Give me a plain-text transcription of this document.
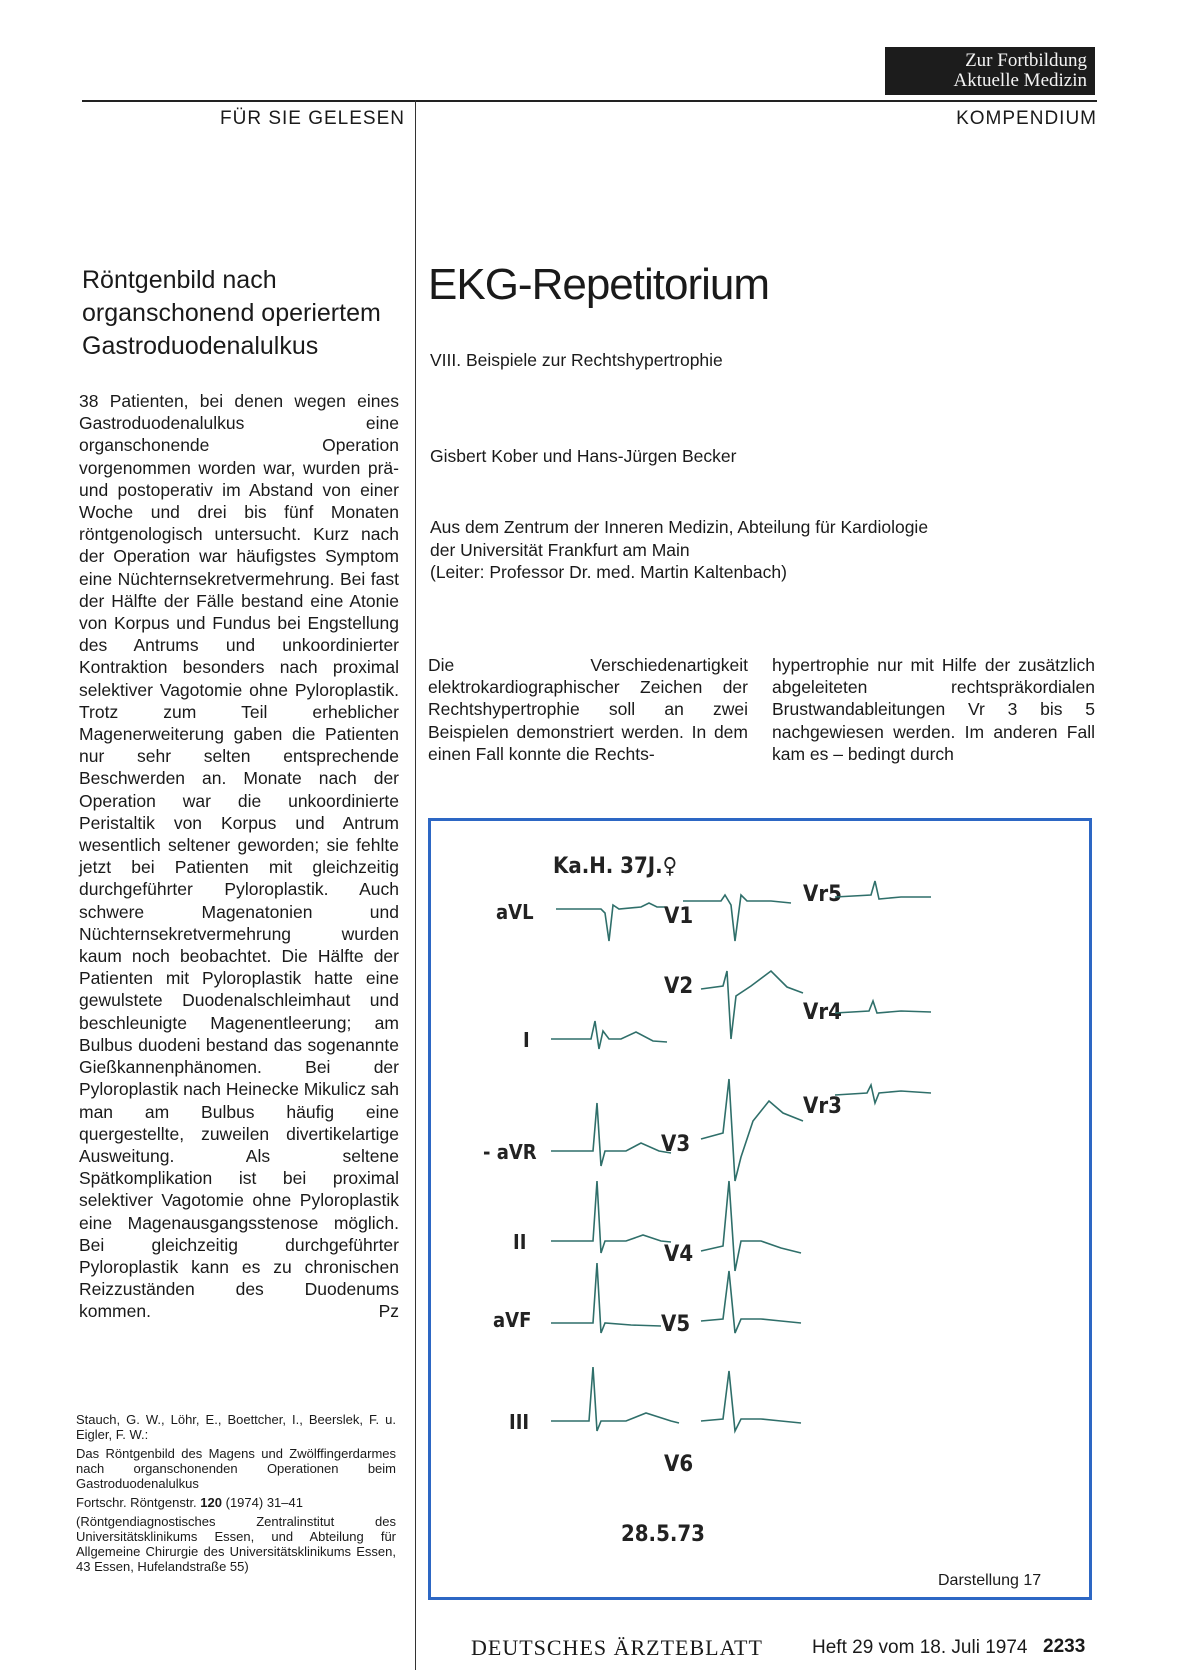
Zur Fortbildung
Aktuelle Medizin
FÜR SIE GELESEN	KOMPENDIUM
Röntgenbild nach
organschonend operiertem
Gastroduodenalulkus
38 Patienten, bei denen wegen eines Gastroduodenalulkus eine organschonende Operation vorgenommen worden war, wurden prä- und postoperativ im Abstand von einer Woche und drei bis fünf Monaten röntgenologisch untersucht. Kurz nach der Operation war häufigstes Symptom eine Nüchternsekretvermehrung. Bei fast der Hälfte der Fälle bestand eine Atonie von Korpus und Fundus bei Engstellung des Antrums und unkoordinierter Kontraktion besonders nach proximal selektiver Vagotomie ohne Pyloroplastik. Trotz zum Teil erheblicher Magenerweiterung gaben die Patienten nur sehr selten entsprechende Beschwerden an. Monate nach der Operation war die unkoordinierte Peristaltik von Korpus und Antrum wesentlich seltener geworden; sie fehlte jetzt bei Patienten mit gleichzeitig durchgeführter Pyloroplastik. Auch schwere Magenatonien und Nüchternsekretvermehrung wurden kaum noch beobachtet. Die Hälfte der Patienten mit Pyloroplastik hatte eine gewulstete Duodenalschleimhaut und beschleunigte Magenentleerung; am Bulbus duodeni bestand das sogenannte Gießkannenphänomen. Bei der Pyloroplastik nach Heinecke Mikulicz sah man am Bulbus häufig eine quergestellte, zuweilen divertikelartige Ausweitung. Als seltene Spätkomplikation ist bei proximal selektiver Vagotomie ohne Pyloroplastik eine Magenausgangsstenose möglich. Bei gleichzeitig durchgeführter Pyloroplastik kann es zu chronischen Reizzuständen des Duodenums kommen.	Pz

Stauch, G. W., Löhr, E., Boettcher, I., Beerslek, F. u. Eigler, F. W.:

Das Röntgenbild des Magens und Zwölffingerdarmes nach organschonenden Operationen beim Gastroduodenalulkus

Fortschr. Röntgenstr. 120 (1974) 31–41

(Röntgendiagnostisches Zentralinstitut des Universitätsklinikums Essen, und Abteilung für Allgemeine Chirurgie des Universitätsklinikums Essen, 43 Essen, Hufelandstraße 55)

EKG-Repetitorium
VIII. Beispiele zur Rechtshypertrophie
Gisbert Kober und Hans-Jürgen Becker
Aus dem Zentrum der Inneren Medizin, Abteilung für Kardiologie
der Universität Frankfurt am Main
(Leiter: Professor Dr. med. Martin Kaltenbach)
Die Verschiedenartigkeit elektrokardiographischer Zeichen der Rechtshypertrophie soll an zwei Beispielen demonstriert werden. In dem einen Fall konnte die Rechts-
hypertrophie nur mit Hilfe der zusätzlich abgeleiteten rechtspräkordialen Brustwandableitungen Vr 3 bis 5 nachgewiesen werden. Im anderen Fall kam es – bedingt durch
Ka.H. 37J.♀
28.5.73
aVL
I
- aVR
II
aVF
III
V1
V2
V3
V4
V5
V6
Vr5
Vr4
Vr3
Darstellung 17
DEUTSCHES ÄRZTEBLATT	Heft 29 vom 18. Juli 1974 2233
